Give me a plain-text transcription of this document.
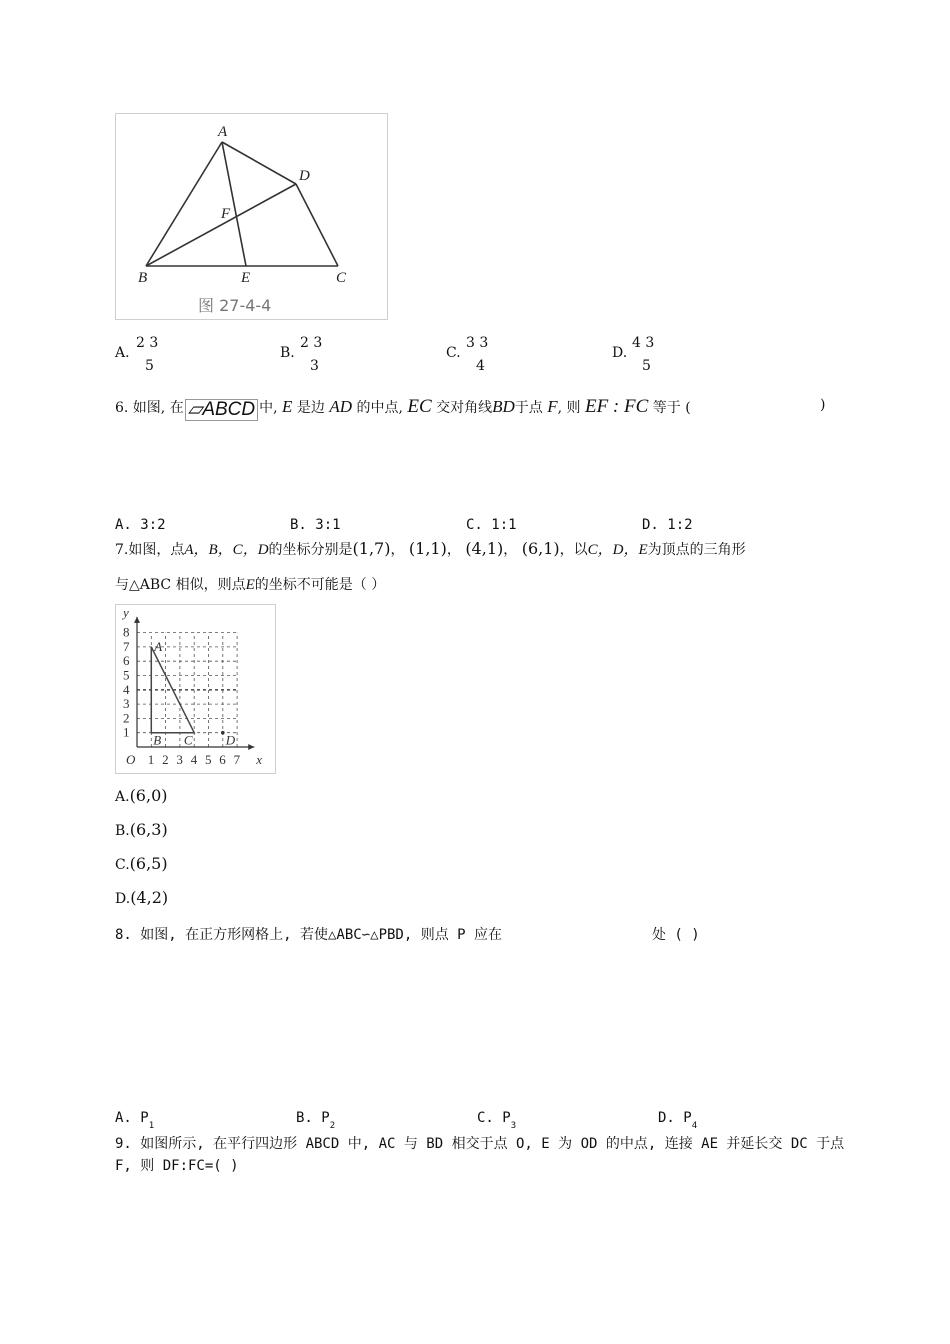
A
D
F
B	E	C
图 27-4-4
A.
2 3
5
B.
2 3
3
C.
3 3
4
D.
4 3
5
6. 如图, 在 ▱ABCD 中, E 是边 AD 的中点, EC 交对角线BD于点 F, 则 EF : FC 等于 (	)
A. 3:2	B. 3:1	C. 1:1	D. 1:2
7.如图，点A，B，C，D的坐标分别是(1,7)， (1,1)， (4,1)， (6,1)，以C，D，E为顶点的三角形
与△ABC 相似，则点E的坐标不可能是（ ）
1
2
3
4
5
6
7
8
1 2 3 4 5 6 7
O	x
y
A
B C	D
A.(6,0)
B.(6,3)
C.(6,5)
D.(4,2)
8. 如图, 在正方形网格上, 若使△ABC∽△PBD, 则点 P 应在	处 ( )
A. $P_1$	B. $P_2$	C. $P_3$	D. $P_4$
9. 如图所示, 在平行四边形 ABCD 中, AC 与 BD 相交于点 O, E 为 OD 的中点, 连接 AE 并延长交 DC 于点
F, 则 DF:FC=( )
